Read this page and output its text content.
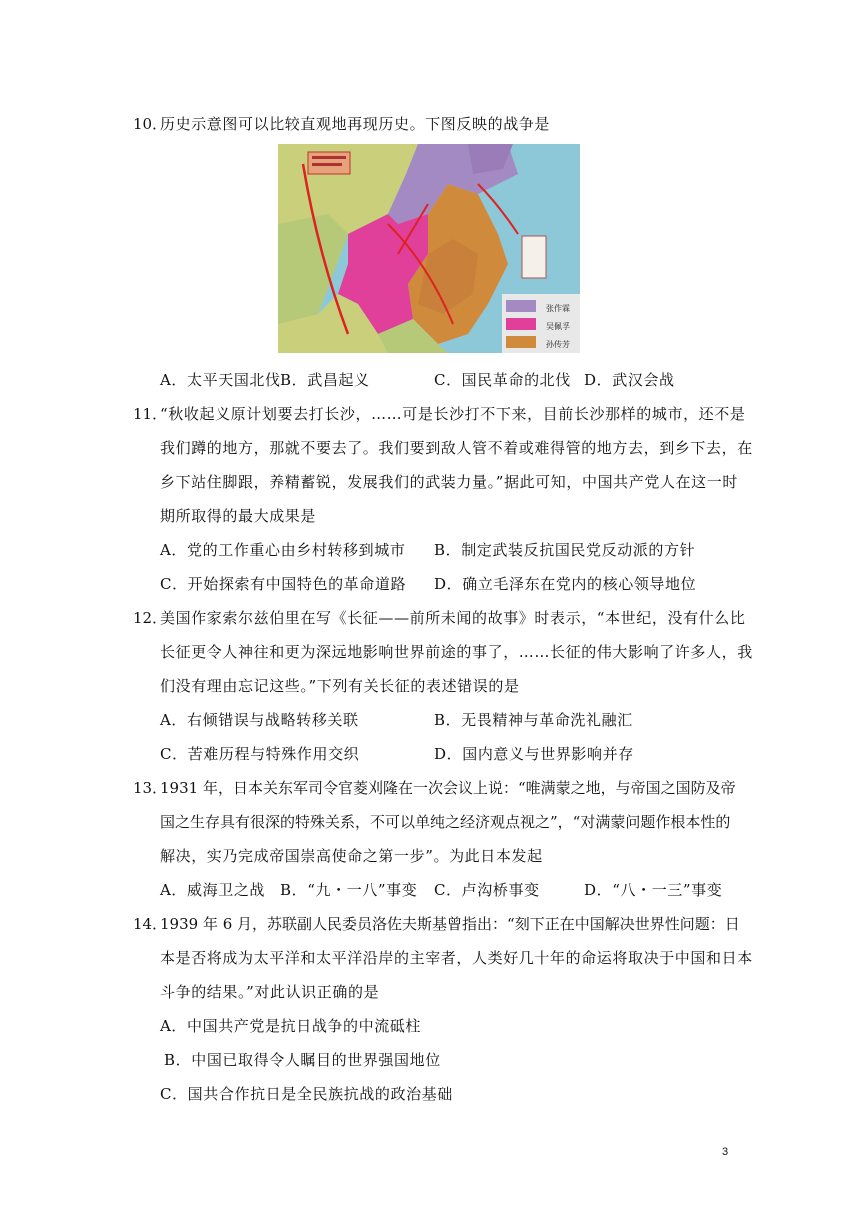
10．
历史示意图可以比较直观地再现历史。下图反映的战争是
张作霖
吴佩孚
孙传芳
A．太平天国北伐 B．武昌起义	C．国民革命的北伐 D．武汉会战
11．
“秋收起义原计划要去打长沙，……可是长沙打不下来，目前长沙那样的城市，还不是
我们蹲的地方，那就不要去了。我们要到敌人管不着或难得管的地方去，到乡下去，在
乡下站住脚跟，养精蓄锐，发展我们的武装力量。”据此可知，中国共产党人在这一时
期所取得的最大成果是
A．党的工作重心由乡村转移到城市 B．制定武装反抗国民党反动派的方针
C．开始探索有中国特色的革命道路 D．确立毛泽东在党内的核心领导地位
12．
美国作家索尔兹伯里在写《长征——前所未闻的故事》时表示，“本世纪，没有什么比
长征更令人神往和更为深远地影响世界前途的事了，……长征的伟大影响了许多人，我
们没有理由忘记这些。”下列有关长征的表述错误的是
A．右倾错误与战略转移关联	B．无畏精神与革命洗礼融汇
C．苦难历程与特殊作用交织	D．国内意义与世界影响并存
13．
1931 年，日本关东军司令官菱刈隆在一次会议上说：“唯满蒙之地，与帝国之国防及帝
国之生存具有很深的特殊关系，不可以单纯之经济观点视之”，“对满蒙问题作根本性的
解决，实乃完成帝国崇高使命之第一步”。为此日本发起
A．威海卫之战 B．“九・一八”事变 C．卢沟桥事变	D．“八・一三”事变
14．
1939 年 6 月，苏联副人民委员洛佐夫斯基曾指出：“刻下正在中国解决世界性问题：日
本是否将成为太平洋和太平洋沿岸的主宰者，人类好几十年的命运将取决于中国和日本
斗争的结果。”对此认识正确的是
A．中国共产党是抗日战争的中流砥柱
B．中国已取得令人瞩目的世界强国地位
C．国共合作抗日是全民族抗战的政治基础
3
